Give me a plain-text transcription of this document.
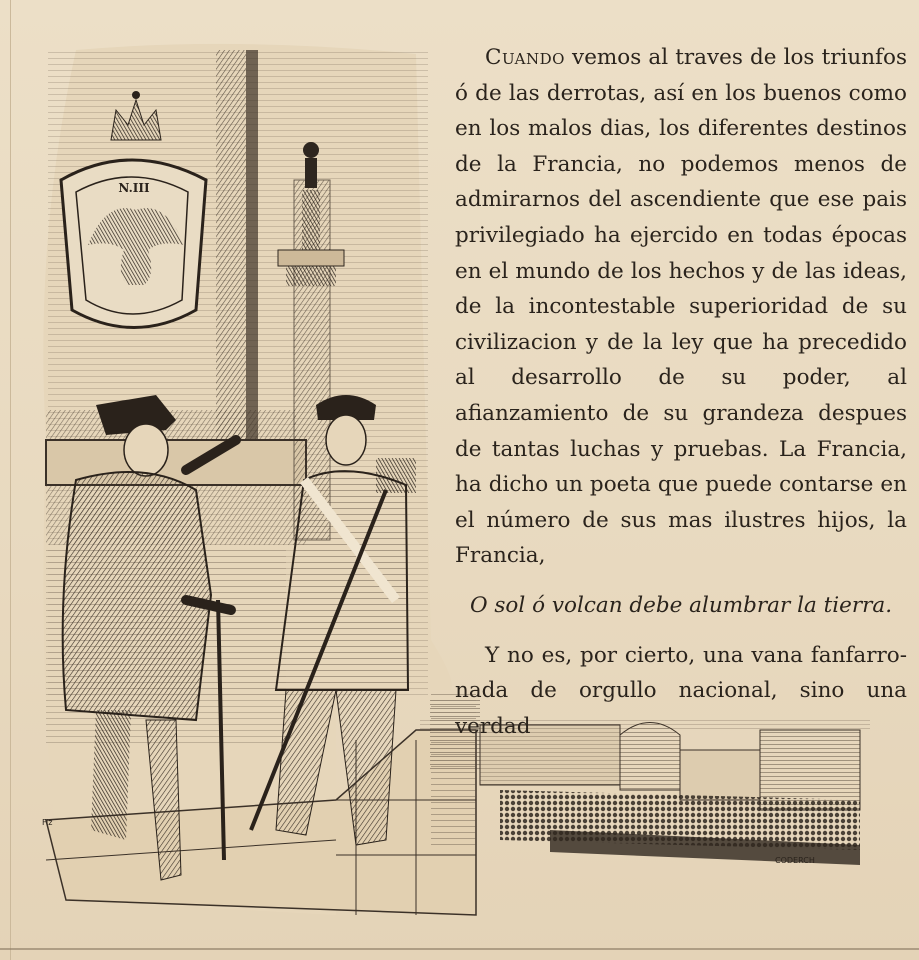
N.III
Fiz
CODERCH

Cuando vemos al traves de los triunfos ó de las derrotas, así en los buenos como en los malos dias, los diferentes destinos de la Francia, no podemos menos de admirarnos del ascendiente que ese pais privilegiado ha ejercido en todas épocas en el mundo de los hechos y de las ideas, de la incontestable superioridad de su civilizacion y de la ley que ha precedido al desarrollo de su poder, al afianzamiento de su grandeza despues de tantas luchas y pruebas. La Francia, ha dicho un poeta que puede contarse en el número de sus mas ilustres hijos, la Francia,

O sol ó volcan debe alumbrar la tierra.

Y no es, por cierto, una vana fanfarro-

nada de orgullo nacional, sino una verdad
